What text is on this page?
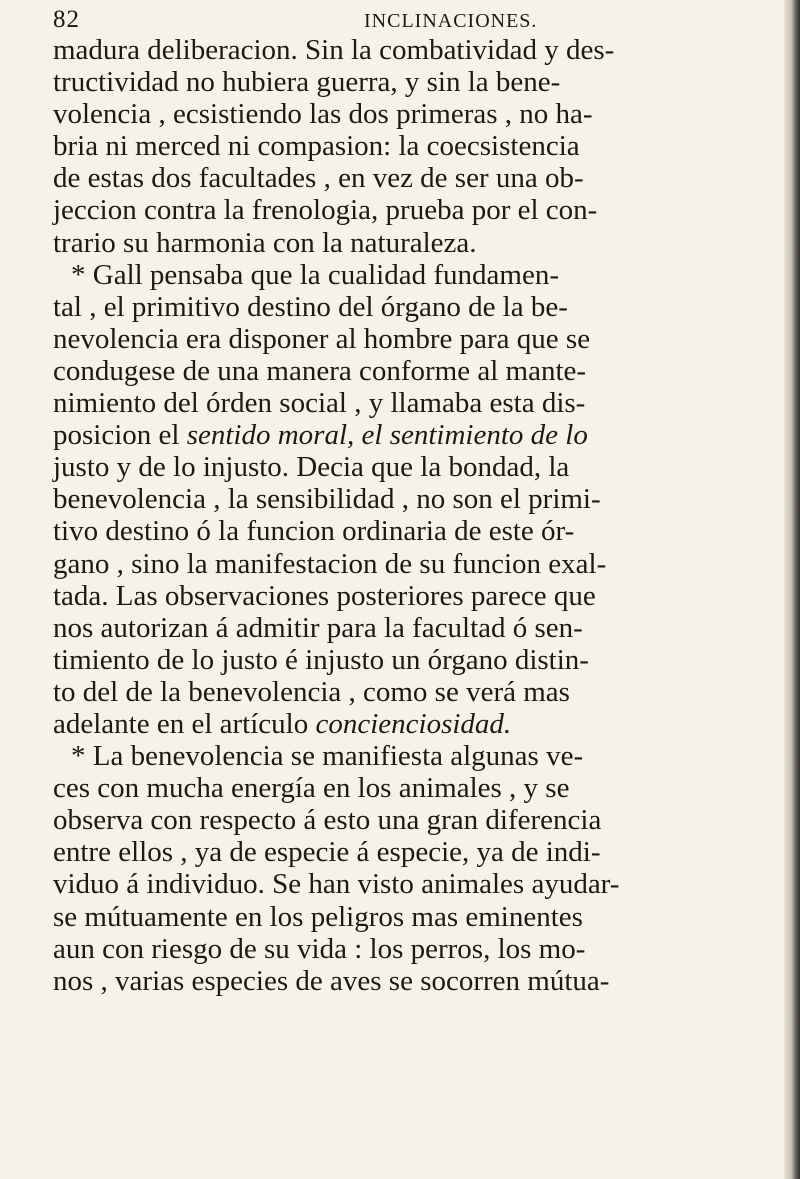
82	INCLINACIONES.
madura deliberacion. Sin la combatividad y des-
tructividad no hubiera guerra, y sin la bene-
volencia , ecsistiendo las dos primeras , no ha-
bria ni merced ni compasion: la coecsistencia
de estas dos facultades , en vez de ser una ob-
jeccion contra la frenologia, prueba por el con-
trario su harmonia con la naturaleza.
* Gall pensaba que la cualidad fundamen-
tal , el primitivo destino del órgano de la be-
nevolencia era disponer al hombre para que se
condugese de una manera conforme al mante-
nimiento del órden social , y llamaba esta dis-
posicion el sentido moral, el sentimiento de lo
justo y de lo injusto. Decia que la bondad, la
benevolencia , la sensibilidad , no son el primi-
tivo destino ó la funcion ordinaria de este ór-
gano , sino la manifestacion de su funcion exal-
tada. Las observaciones posteriores parece que
nos autorizan á admitir para la facultad ó sen-
timiento de lo justo é injusto un órgano distin-
to del de la benevolencia , como se verá mas
adelante en el artículo concienciosidad.
* La benevolencia se manifiesta algunas ve-
ces con mucha energía en los animales , y se
observa con respecto á esto una gran diferencia
entre ellos , ya de especie á especie, ya de indi-
viduo á individuo. Se han visto animales ayudar-
se mútuamente en los peligros mas eminentes
aun con riesgo de su vida : los perros, los mo-
nos , varias especies de aves se socorren mútua-
